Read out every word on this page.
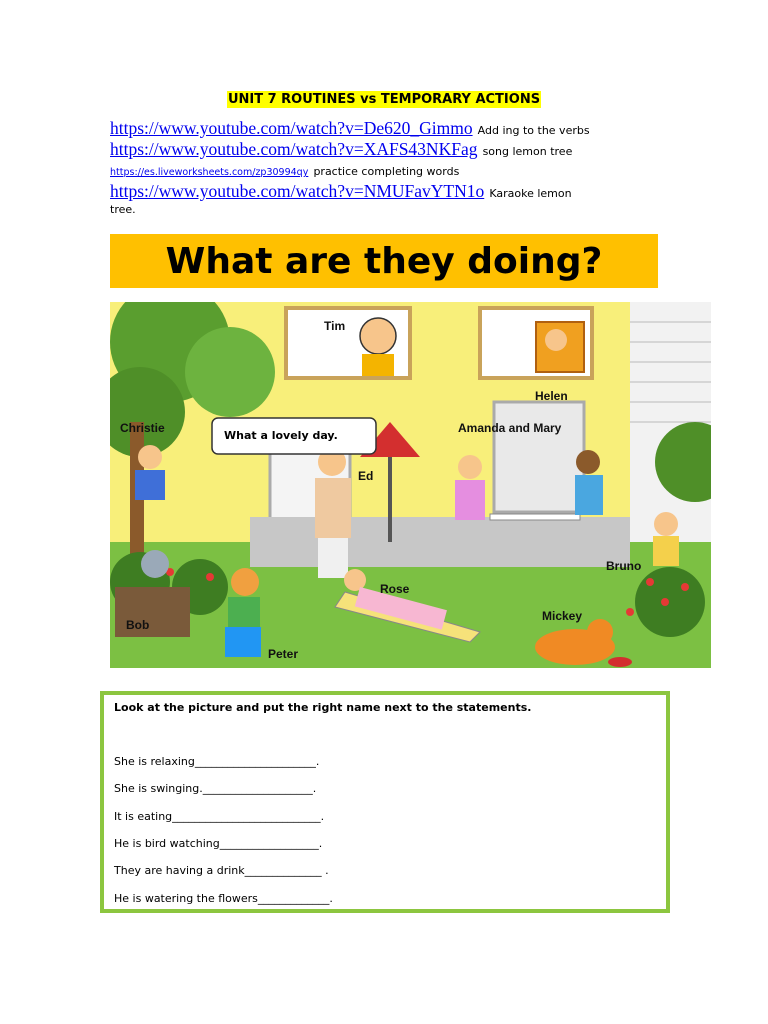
UNIT 7 ROUTINES vs TEMPORARY ACTIONS
https://www.youtube.com/watch?v=De620_Gimmo Add ing to the verbs
https://www.youtube.com/watch?v=XAFS43NKFag song lemon tree
https://es.liveworksheets.com/zp30994qy practice completing words
https://www.youtube.com/watch?v=NMUFavYTN1o Karaoke lemon
tree.
What are they doing?
What a lovely day.
Tim
Helen
Christie	Amanda and Mary
Ed
Bruno
Rose
Mickey
Bob
Peter
Look at the picture and put the right name next to the statements.
She is relaxing______________________.
She is swinging.____________________.
It is eating___________________________.
He is bird watching__________________.
They are having a drink______________ .
He is watering the flowers_____________.
